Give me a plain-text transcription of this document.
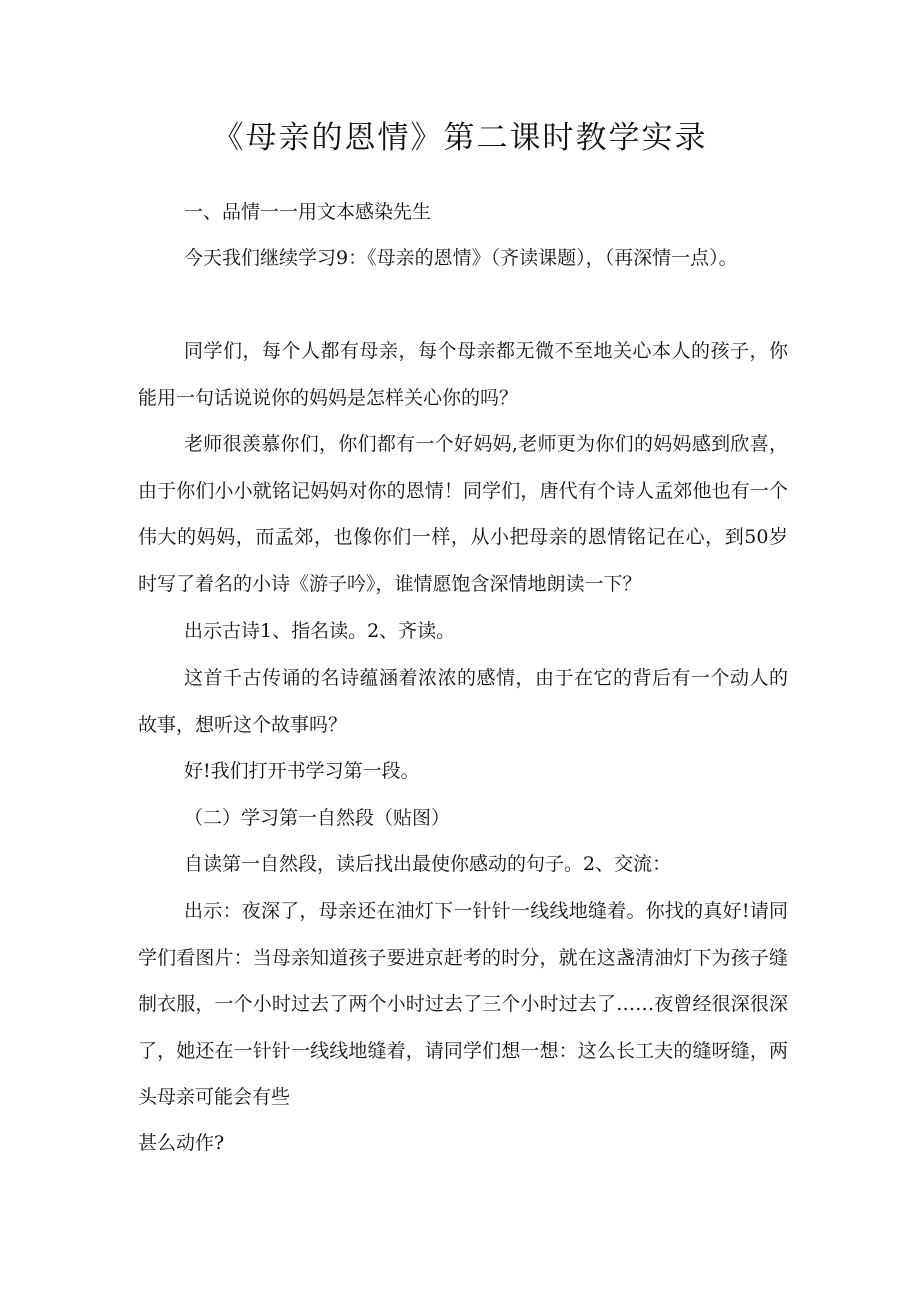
《母亲的恩情》第二课时教学实录

一、品情一一用文本感染先生

今天我们继续学习9：《母亲的恩情》（齐读课题），（再深情一点）。

同学们，每个人都有母亲，每个母亲都无微不至地关心本人的孩子，你能用一句话说说你的妈妈是怎样关心你的吗？

老师很羡慕你们，你们都有一个好妈妈,老师更为你们的妈妈感到欣喜，由于你们小小就铭记妈妈对你的恩情！同学们，唐代有个诗人孟郊他也有一个伟大的妈妈，而孟郊，也像你们一样，从小把母亲的恩情铭记在心，到50岁时写了着名的小诗《游子吟》，谁情愿饱含深情地朗读一下？

出示古诗1、指名读。2、齐读。

这首千古传诵的名诗蕴涵着浓浓的感情，由于在它的背后有一个动人的故事，想听这个故事吗？

好!我们打开书学习第一段。

（二）学习第一自然段（贴图）

自读第一自然段，读后找出最使你感动的句子。2、交流：

出示：夜深了，母亲还在油灯下一针针一线线地缝着。你找的真好!请同学们看图片：当母亲知道孩子要进京赶考的时分，就在这盏清油灯下为孩子缝制衣服，一个小时过去了两个小时过去了三个小时过去了……夜曾经很深很深了，她还在一针针一线线地缝着，请同学们想一想：这么长工夫的缝呀缝，两头母亲可能会有些

甚么动作?
